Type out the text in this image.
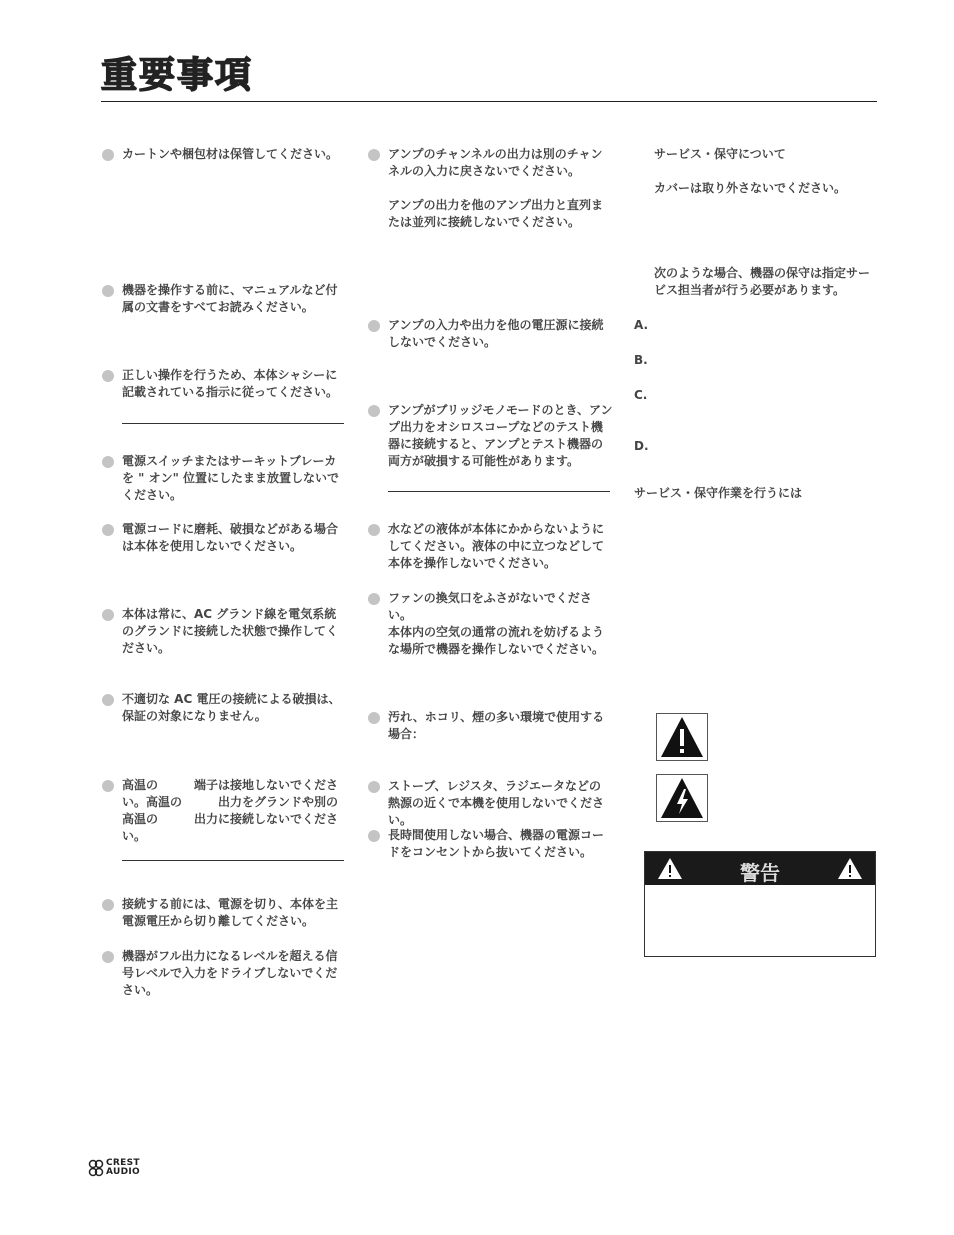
重要事項
カートンや梱包材は保管してください。
機器を操作する前に、マニュアルなど付属の文書をすべてお読みください。
正しい操作を行うため、本体シャシーに記載されている指示に従ってください。
電源スイッチまたはサーキットブレーカを " オン" 位置にしたまま放置しないでください。
電源コードに磨耗、破損などがある場合は本体を使用しないでください。
本体は常に、AC グランド線を電気系統のグランドに接続した状態で操作してください。
不適切な AC 電圧の接続による破損は、保証の対象になりません。
高温の　　　端子は接地しないでください。高温の　　　出力をグランドや別の高温の　　　出力に接続しないでください。
接続する前には、電源を切り、本体を主電源電圧から切り離してください。
機器がフル出力になるレベルを超える信号レベルで入力をドライブしないでください。
アンプのチャンネルの出力は別のチャンネルの入力に戻さないでください。
アンプの出力を他のアンプ出力と直列または並列に接続しないでください。
アンプの入力や出力を他の電圧源に接続しないでください。
アンプがブリッジモノモードのとき、アンプ出力をオシロスコープなどのテスト機器に接続すると、アンプとテスト機器の両方が破損する可能性があります。
水などの液体が本体にかからないようにしてください。液体の中に立つなどして本体を操作しないでください。
ファンの換気口をふさがないでください。
本体内の空気の通常の流れを妨げるような場所で機器を操作しないでください。
汚れ、ホコリ、煙の多い環境で使用する場合：
ストーブ、レジスタ、ラジエータなどの熱源の近くで本機を使用しないでください。
長時間使用しない場合、機器の電源コードをコンセントから抜いてください。
サービス・保守について
カバーは取り外さないでください。
次のような場合、機器の保守は指定サービス担当者が行う必要があります。
A.
B.
C.
D.
サービス・保守作業を行うには
警告
CREST
AUDIO
